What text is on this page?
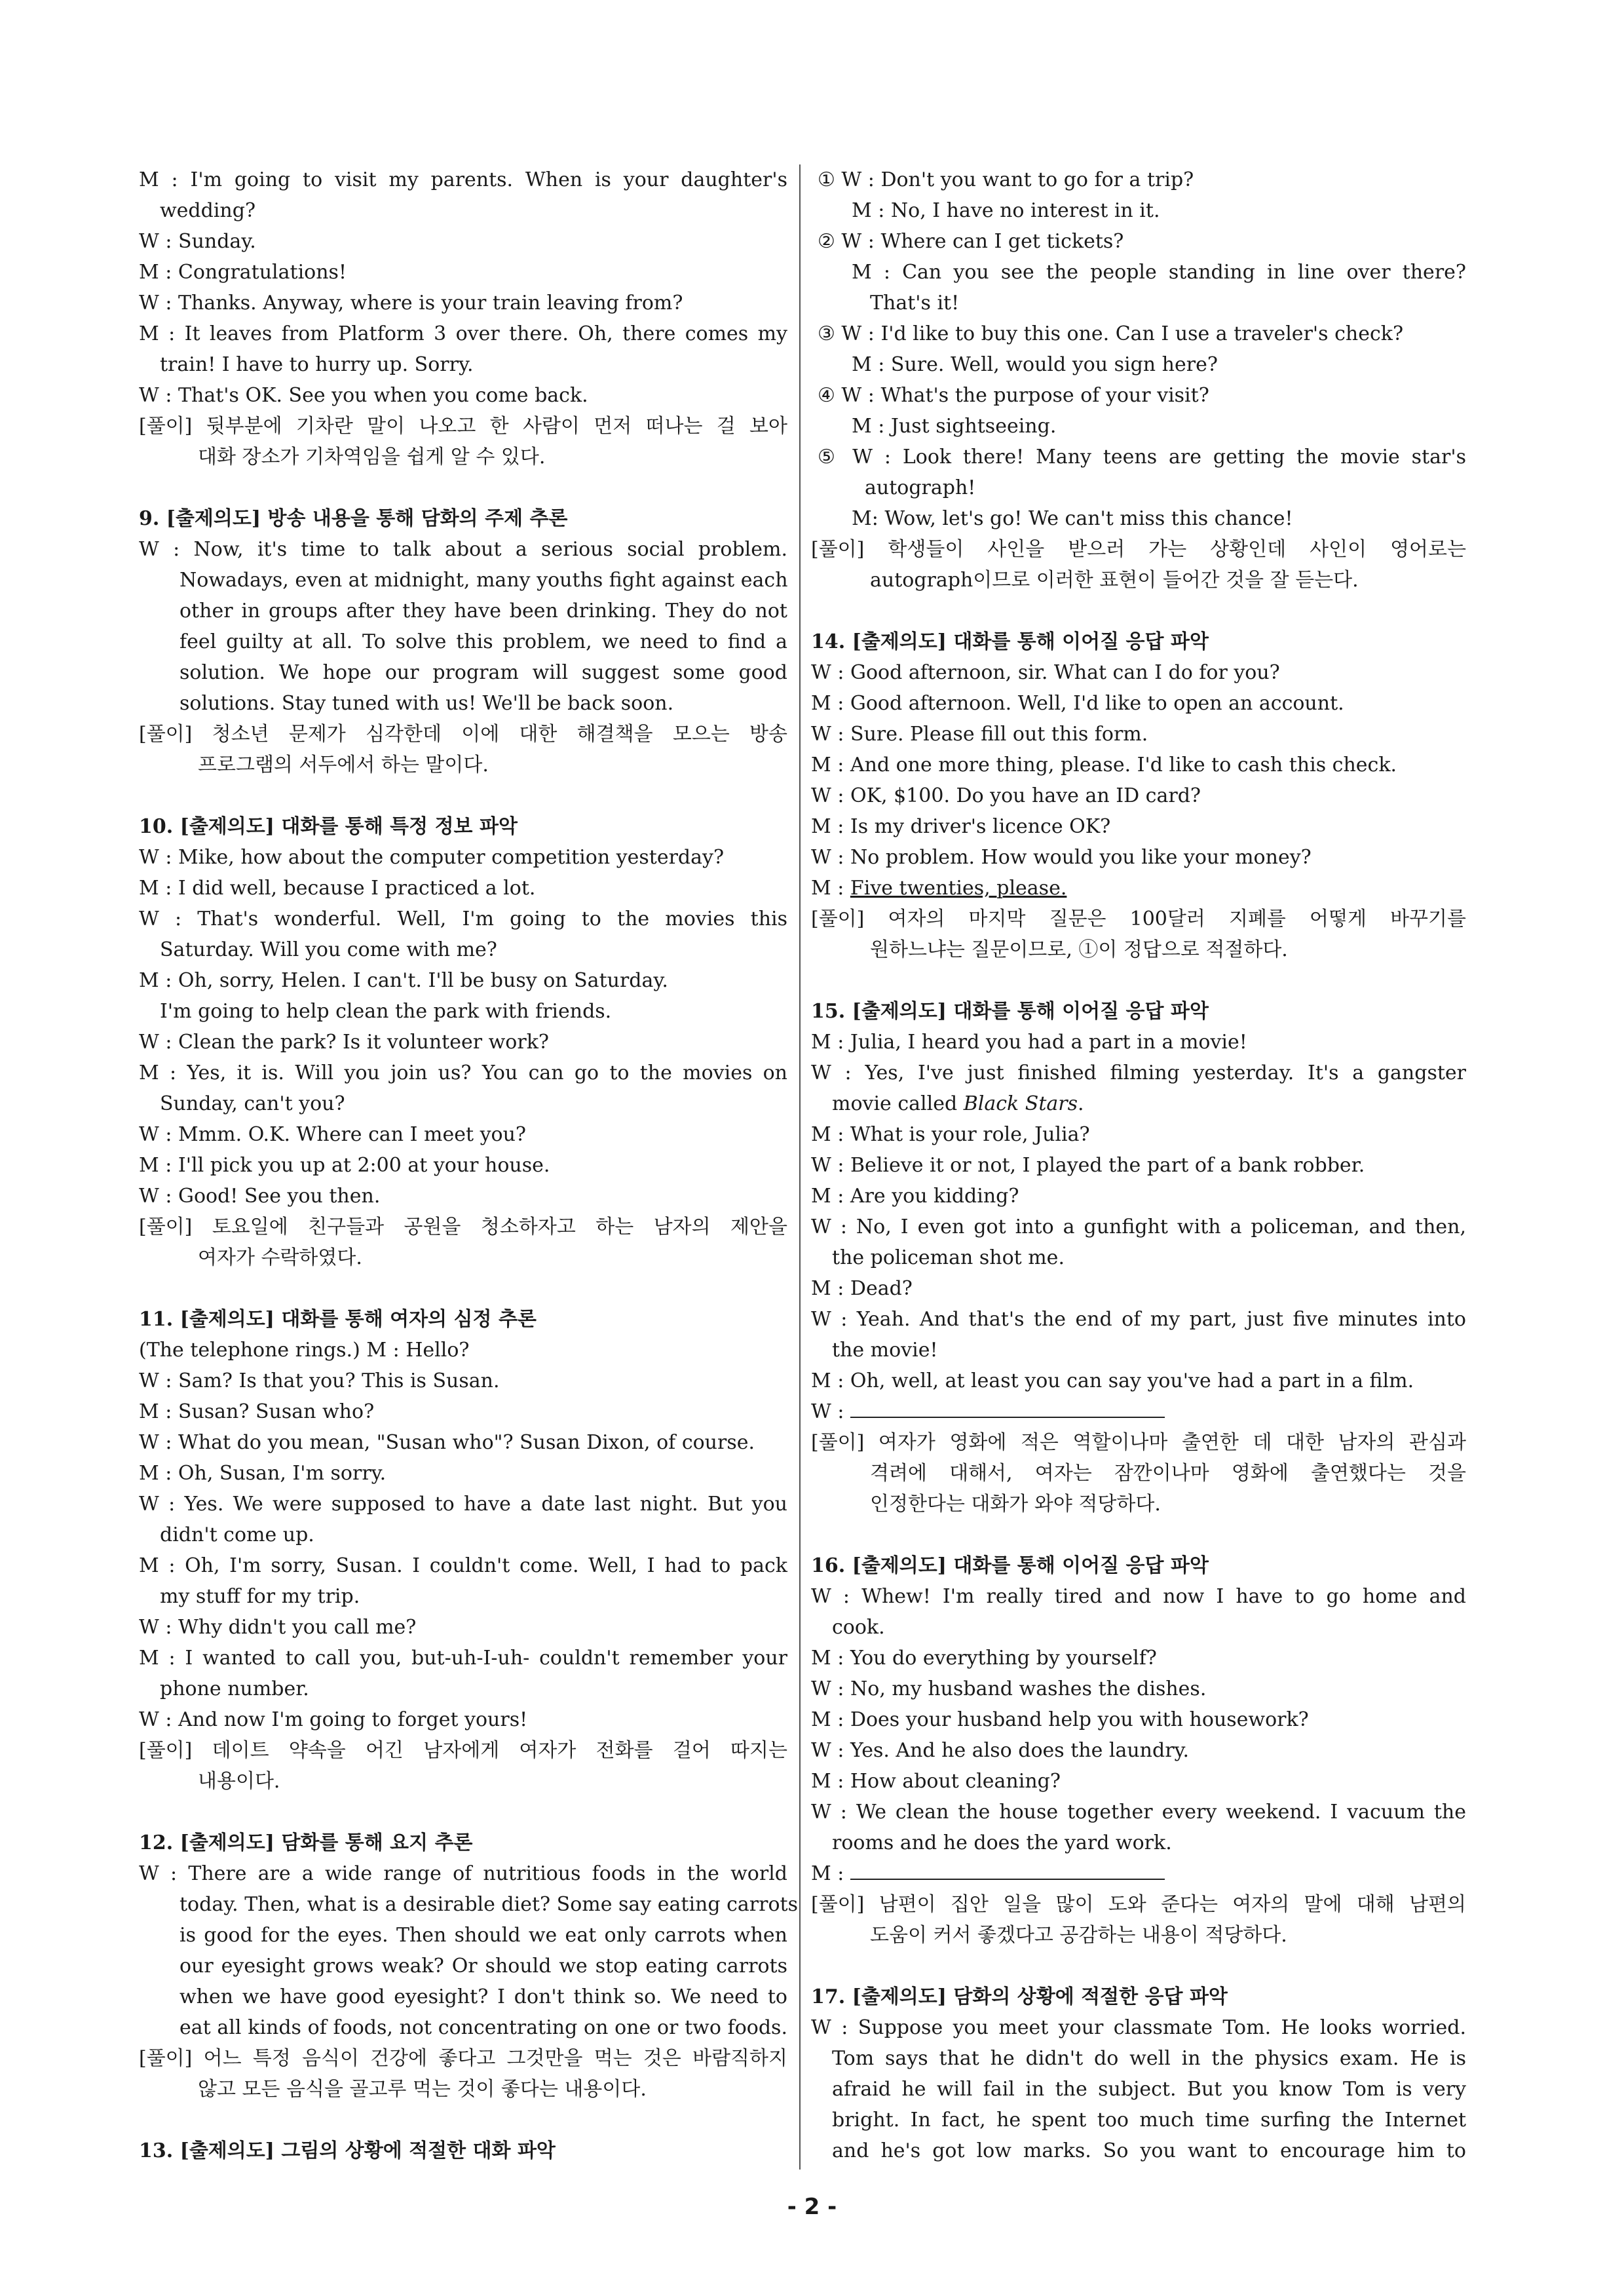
M : I'm going to visit my parents. When is your daughter's
wedding?
W : Sunday.
M : Congratulations!
W : Thanks. Anyway, where is your train leaving from?
M : It leaves from Platform 3 over there. Oh, there comes my
train! I have to hurry up. Sorry.
W : That's OK. See you when you come back.
[풀이] 뒷부분에 기차란 말이 나오고 한 사람이 먼저 떠나는 걸 보아
대화 장소가 기차역임을 쉽게 알 수 있다.
9. [출제의도] 방송 내용을 통해 담화의 주제 추론
W : Now, it's time to talk about a serious social problem.
Nowadays, even at midnight, many youths fight against each
other in groups after they have been drinking. They do not
feel guilty at all. To solve this problem, we need to find a
solution. We hope our program will suggest some good
solutions. Stay tuned with us! We'll be back soon.
[풀이] 청소년 문제가 심각한데 이에 대한 해결책을 모으는 방송
프로그램의 서두에서 하는 말이다.
10. [출제의도] 대화를 통해 특정 정보 파악
W : Mike, how about the computer competition yesterday?
M : I did well, because I practiced a lot.
W : That's wonderful. Well, I'm going to the movies this
Saturday. Will you come with me?
M : Oh, sorry, Helen. I can't. I'll be busy on Saturday.
I'm going to help clean the park with friends.
W : Clean the park? Is it volunteer work?
M : Yes, it is. Will you join us? You can go to the movies on
Sunday, can't you?
W : Mmm. O.K. Where can I meet you?
M : I'll pick you up at 2:00 at your house.
W : Good! See you then.
[풀이] 토요일에 친구들과 공원을 청소하자고 하는 남자의 제안을
여자가 수락하였다.
11. [출제의도] 대화를 통해 여자의 심정 추론
(The telephone rings.) M : Hello?
W : Sam? Is that you? This is Susan.
M : Susan? Susan who?
W : What do you mean, "Susan who"? Susan Dixon, of course.
M : Oh, Susan, I'm sorry.
W : Yes. We were supposed to have a date last night. But you
didn't come up.
M : Oh, I'm sorry, Susan. I couldn't come. Well, I had to pack
my stuff for my trip.
W : Why didn't you call me?
M : I wanted to call you, but-uh-I-uh- couldn't remember your
phone number.
W : And now I'm going to forget yours!
[풀이] 데이트 약속을 어긴 남자에게 여자가 전화를 걸어 따지는
내용이다.
12. [출제의도] 담화를 통해 요지 추론
W : There are a wide range of nutritious foods in the world
today. Then, what is a desirable diet? Some say eating carrots
is good for the eyes. Then should we eat only carrots when
our eyesight grows weak? Or should we stop eating carrots
when we have good eyesight? I don't think so. We need to
eat all kinds of foods, not concentrating on one or two foods.
[풀이] 어느 특정 음식이 건강에 좋다고 그것만을 먹는 것은 바람직하지
않고 모든 음식을 골고루 먹는 것이 좋다는 내용이다.
13. [출제의도] 그림의 상황에 적절한 대화 파악
① W : Don't you want to go for a trip?
M : No, I have no interest in it.
② W : Where can I get tickets?
M : Can you see the people standing in line over there?
That's it!
③ W : I'd like to buy this one. Can I use a traveler's check?
M : Sure. Well, would you sign here?
④ W : What's the purpose of your visit?
M : Just sightseeing.
⑤ W : Look there! Many teens are getting the movie star's
autograph!
M: Wow, let's go! We can't miss this chance!
[풀이] 학생들이 사인을 받으러 가는 상황인데 사인이 영어로는
autograph이므로 이러한 표현이 들어간 것을 잘 듣는다.
14. [출제의도] 대화를 통해 이어질 응답 파악
W : Good afternoon, sir. What can I do for you?
M : Good afternoon. Well, I'd like to open an account.
W : Sure. Please fill out this form.
M : And one more thing, please. I'd like to cash this check.
W : OK, $100. Do you have an ID card?
M : Is my driver's licence OK?
W : No problem. How would you like your money?
M : Five twenties, please.
[풀이] 여자의 마지막 질문은 100달러 지폐를 어떻게 바꾸기를
원하느냐는 질문이므로, ①이 정답으로 적절하다.
15. [출제의도] 대화를 통해 이어질 응답 파악
M : Julia, I heard you had a part in a movie!
W : Yes, I've just finished filming yesterday. It's a gangster
movie called Black Stars.
M : What is your role, Julia?
W : Believe it or not, I played the part of a bank robber.
M : Are you kidding?
W : No, I even got into a gunfight with a policeman, and then,
the policeman shot me.
M : Dead?
W : Yeah. And that's the end of my part, just five minutes into
the movie!
M : Oh, well, at least you can say you've had a part in a film.
W :
[풀이] 여자가 영화에 적은 역할이나마 출연한 데 대한 남자의 관심과
격려에 대해서, 여자는 잠깐이나마 영화에 출연했다는 것을
인정한다는 대화가 와야 적당하다.
16. [출제의도] 대화를 통해 이어질 응답 파악
W : Whew! I'm really tired and now I have to go home and
cook.
M : You do everything by yourself?
W : No, my husband washes the dishes.
M : Does your husband help you with housework?
W : Yes. And he also does the laundry.
M : How about cleaning?
W : We clean the house together every weekend. I vacuum the
rooms and he does the yard work.
M :
[풀이] 남편이 집안 일을 많이 도와 준다는 여자의 말에 대해 남편의
도움이 커서 좋겠다고 공감하는 내용이 적당하다.
17. [출제의도] 담화의 상황에 적절한 응답 파악
W : Suppose you meet your classmate Tom. He looks worried.
Tom says that he didn't do well in the physics exam. He is
afraid he will fail in the subject. But you know Tom is very
bright. In fact, he spent too much time surfing the Internet
and he's got low marks. So you want to encourage him to
- 2 -
